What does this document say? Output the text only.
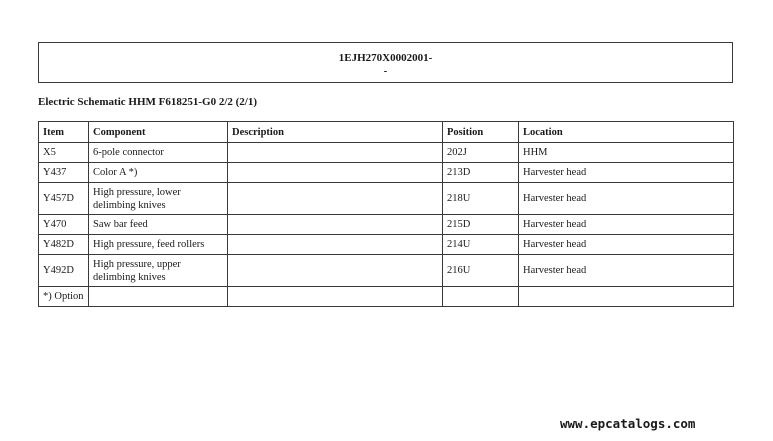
1EJH270X0002001-
-
Electric Schematic HHM F618251-G0 2/2 (2/1)
Item	Component	Description	Position	Location
X5	6-pole connector		202J	HHM
Y437	Color A *)		213D	Harvester head
Y457D	High pressure, lower delimbing knives		218U	Harvester head
Y470	Saw bar feed		215D	Harvester head
Y482D	High pressure, feed rollers		214U	Harvester head
Y492D	High pressure, upper delimbing knives		216U	Harvester head
*) Option				
www.epcatalogs.com
